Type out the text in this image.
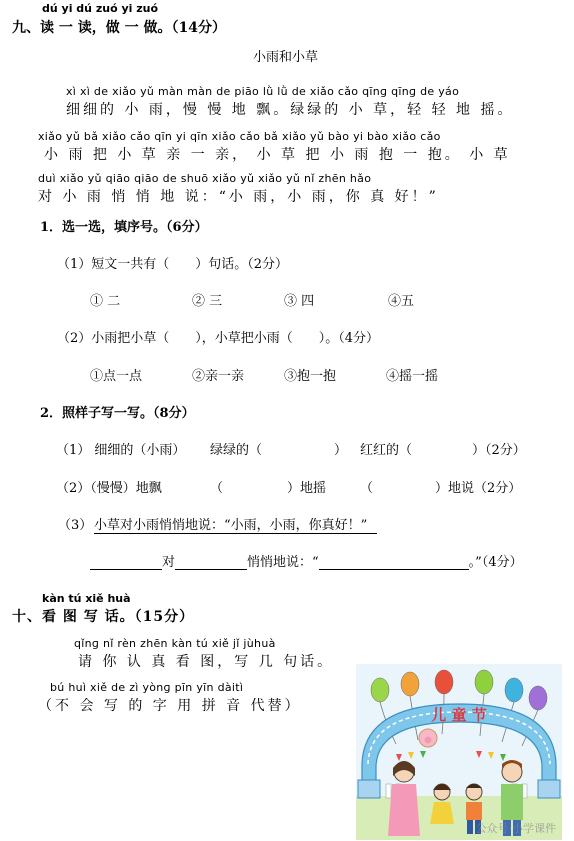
dú yi dú zuó yi zuó
九、读 一 读，做 一 做。（14分）
小雨和小草
xì xì de xiǎo yǔ màn màn de piāo lǜ lǜ de xiǎo cǎo qīnɡ qīnɡ de yáo
细细的 小 雨，慢 慢 地 飘。绿绿的 小 草，轻 轻 地 摇。
xiǎo yǔ bǎ xiǎo cǎo qīn yi qīn xiǎo cǎo bǎ xiǎo yǔ bào yi bào xiǎo cǎo
小 雨 把 小 草 亲 一 亲， 小 草 把 小 雨 抱 一 抱。 小 草
duì xiǎo yǔ qiāo qiāo de shuō xiǎo yǔ xiǎo yǔ nǐ zhēn hǎo
对 小 雨 悄 悄 地 说：“小 雨，小 雨，你 真 好！”
1．选一选，填序号。（6分）
（1）短文一共有（　　）句话。（2分）
① 二	② 三	③ 四	④五
（2）小雨把小草（　　），小草把小雨（　　）。（4分）
①点一点	②亲一亲	③抱一抱	④摇一摇
2．照样子写一写。（8分）
（1） 细细的（小雨） 绿绿的（	） 红红的（	）（2分）
（2）（慢慢）地飘	（	）地摇	（	）地说（2分）
（3） 小草对小雨悄悄地说：“小雨，小雨，你真好！”
对	悄悄地说：“	。”（4分）
kàn tú xiě huà
十、看 图 写 话。（15分）
qǐnɡ nǐ rèn zhēn kàn tú xiě jǐ jùhuà
请 你 认 真 看 图，写 几 句话。
bú huì xiě de zì yònɡ pīn yīn dàitì
（不 会 写 的 字 用 拼 音 代替）	儿 童 节
公众号·小学课件
